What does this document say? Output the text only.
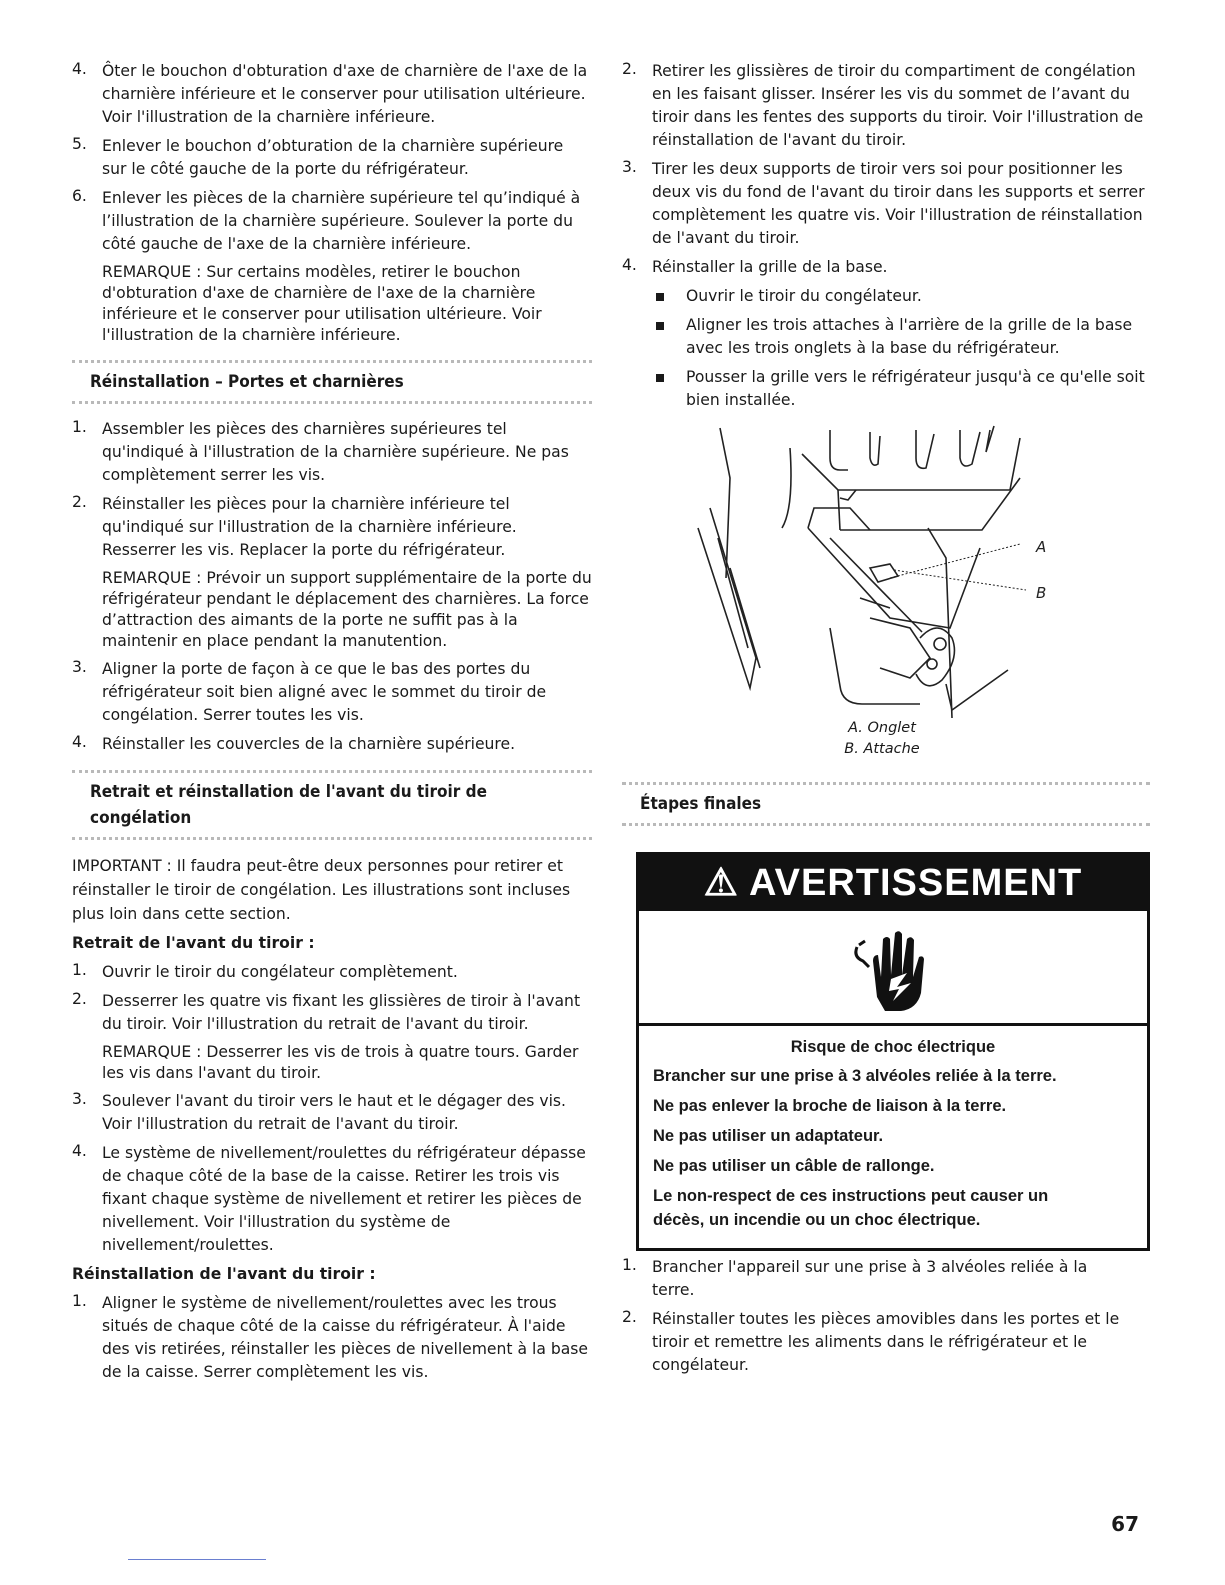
4. Ôter le bouchon d'obturation d'axe de charnière de l'axe de la charnière inférieure et le conserver pour utilisation ultérieure. Voir l'illustration de la charnière inférieure.
5. Enlever le bouchon d’obturation de la charnière supérieure sur le côté gauche de la porte du réfrigérateur.
6. Enlever les pièces de la charnière supérieure tel qu’indiqué à l’illustration de la charnière supérieure. Soulever la porte du côté gauche de l'axe de la charnière inférieure.

REMARQUE : Sur certains modèles, retirer le bouchon d'obturation d'axe de charnière de l'axe de la charnière inférieure et le conserver pour utilisation ultérieure. Voir l'illustration de la charnière inférieure.

Réinstallation – Portes et charnières
1. Assembler les pièces des charnières supérieures tel qu'indiqué à l'illustration de la charnière supérieure. Ne pas complètement serrer les vis.
2. Réinstaller les pièces pour la charnière inférieure tel qu'indiqué sur l'illustration de la charnière inférieure. Resserrer les vis. Replacer la porte du réfrigérateur.

REMARQUE : Prévoir un support supplémentaire de la porte du réfrigérateur pendant le déplacement des charnières. La force d’attraction des aimants de la porte ne suffit pas à la maintenir en place pendant la manutention.

3. Aligner la porte de façon à ce que le bas des portes du réfrigérateur soit bien aligné avec le sommet du tiroir de congélation. Serrer toutes les vis.
4. Réinstaller les couvercles de la charnière supérieure.
Retrait et réinstallation de l'avant du tiroir de congélation

IMPORTANT : Il faudra peut-être deux personnes pour retirer et réinstaller le tiroir de congélation. Les illustrations sont incluses plus loin dans cette section.

Retrait de l'avant du tiroir :

1. Ouvrir le tiroir du congélateur complètement.
2. Desserrer les quatre vis fixant les glissières de tiroir à l'avant du tiroir. Voir l'illustration du retrait de l'avant du tiroir.

REMARQUE : Desserrer les vis de trois à quatre tours. Garder les vis dans l'avant du tiroir.

3. Soulever l'avant du tiroir vers le haut et le dégager des vis. Voir l'illustration du retrait de l'avant du tiroir.
4. Le système de nivellement/roulettes du réfrigérateur dépasse de chaque côté de la base de la caisse. Retirer les trois vis fixant chaque système de nivellement et retirer les pièces de nivellement. Voir l'illustration du système de nivellement/roulettes.

Réinstallation de l'avant du tiroir :

1. Aligner le système de nivellement/roulettes avec les trous situés de chaque côté de la caisse du réfrigérateur. À l'aide des vis retirées, réinstaller les pièces de nivellement à la base de la caisse. Serrer complètement les vis.
2. Retirer les glissières de tiroir du compartiment de congélation en les faisant glisser. Insérer les vis du sommet de l’avant du tiroir dans les fentes des supports du tiroir. Voir l'illustration de réinstallation de l'avant du tiroir.
3. Tirer les deux supports de tiroir vers soi pour positionner les deux vis du fond de l'avant du tiroir dans les supports et serrer complètement les quatre vis. Voir l'illustration de réinstallation de l'avant du tiroir.
4. Réinstaller la grille de la base.
Ouvrir le tiroir du congélateur.
Aligner les trois attaches à l'arrière de la grille de la base avec les trois onglets à la base du réfrigérateur.
Pousser la grille vers le réfrigérateur jusqu'à ce qu'elle soit bien installée.
A
B
A. Onglet
B. Attache
Étapes finales
⚠ AVERTISSEMENT
Risque de choc électrique
Brancher sur une prise à 3 alvéoles reliée à la terre.
Ne pas enlever la broche de liaison à la terre.
Ne pas utiliser un adaptateur.
Ne pas utiliser un câble de rallonge.
Le non-respect de ces instructions peut causer un décès, un incendie ou un choc électrique.
1. Brancher l'appareil sur une prise à 3 alvéoles reliée à la terre.
2. Réinstaller toutes les pièces amovibles dans les portes et le tiroir et remettre les aliments dans le réfrigérateur et le congélateur.
67
